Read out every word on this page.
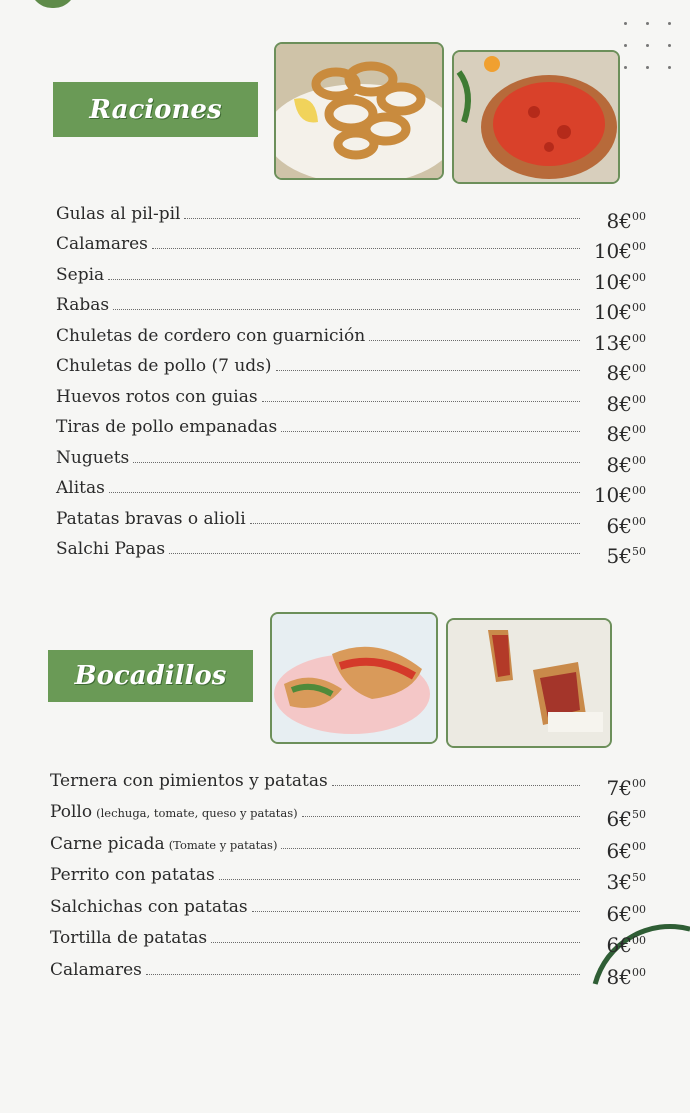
Raciones
Gulas al pil-pil	8€$^{00}$
Calamares	10€$^{00}$
Sepia	10€$^{00}$
Rabas	10€$^{00}$
Chuletas de cordero con guarnición	13€$^{00}$
Chuletas de pollo (7 uds)	8€$^{00}$
Huevos rotos con guias	8€$^{00}$
Tiras de pollo empanadas	8€$^{00}$
Nuguets	8€$^{00}$
Alitas	10€$^{00}$
Patatas bravas o alioli	6€$^{00}$
Salchi Papas	5€$^{50}$
Bocadillos
Ternera con pimientos y patatas	7€$^{00}$
Pollo (lechuga, tomate, queso y patatas)	6€$^{50}$
Carne picada (Tomate y patatas)	6€$^{00}$
Perrito con patatas	3€$^{50}$
Salchichas con patatas	6€$^{00}$
Tortilla de patatas	6€$^{00}$
Calamares	8€$^{00}$
